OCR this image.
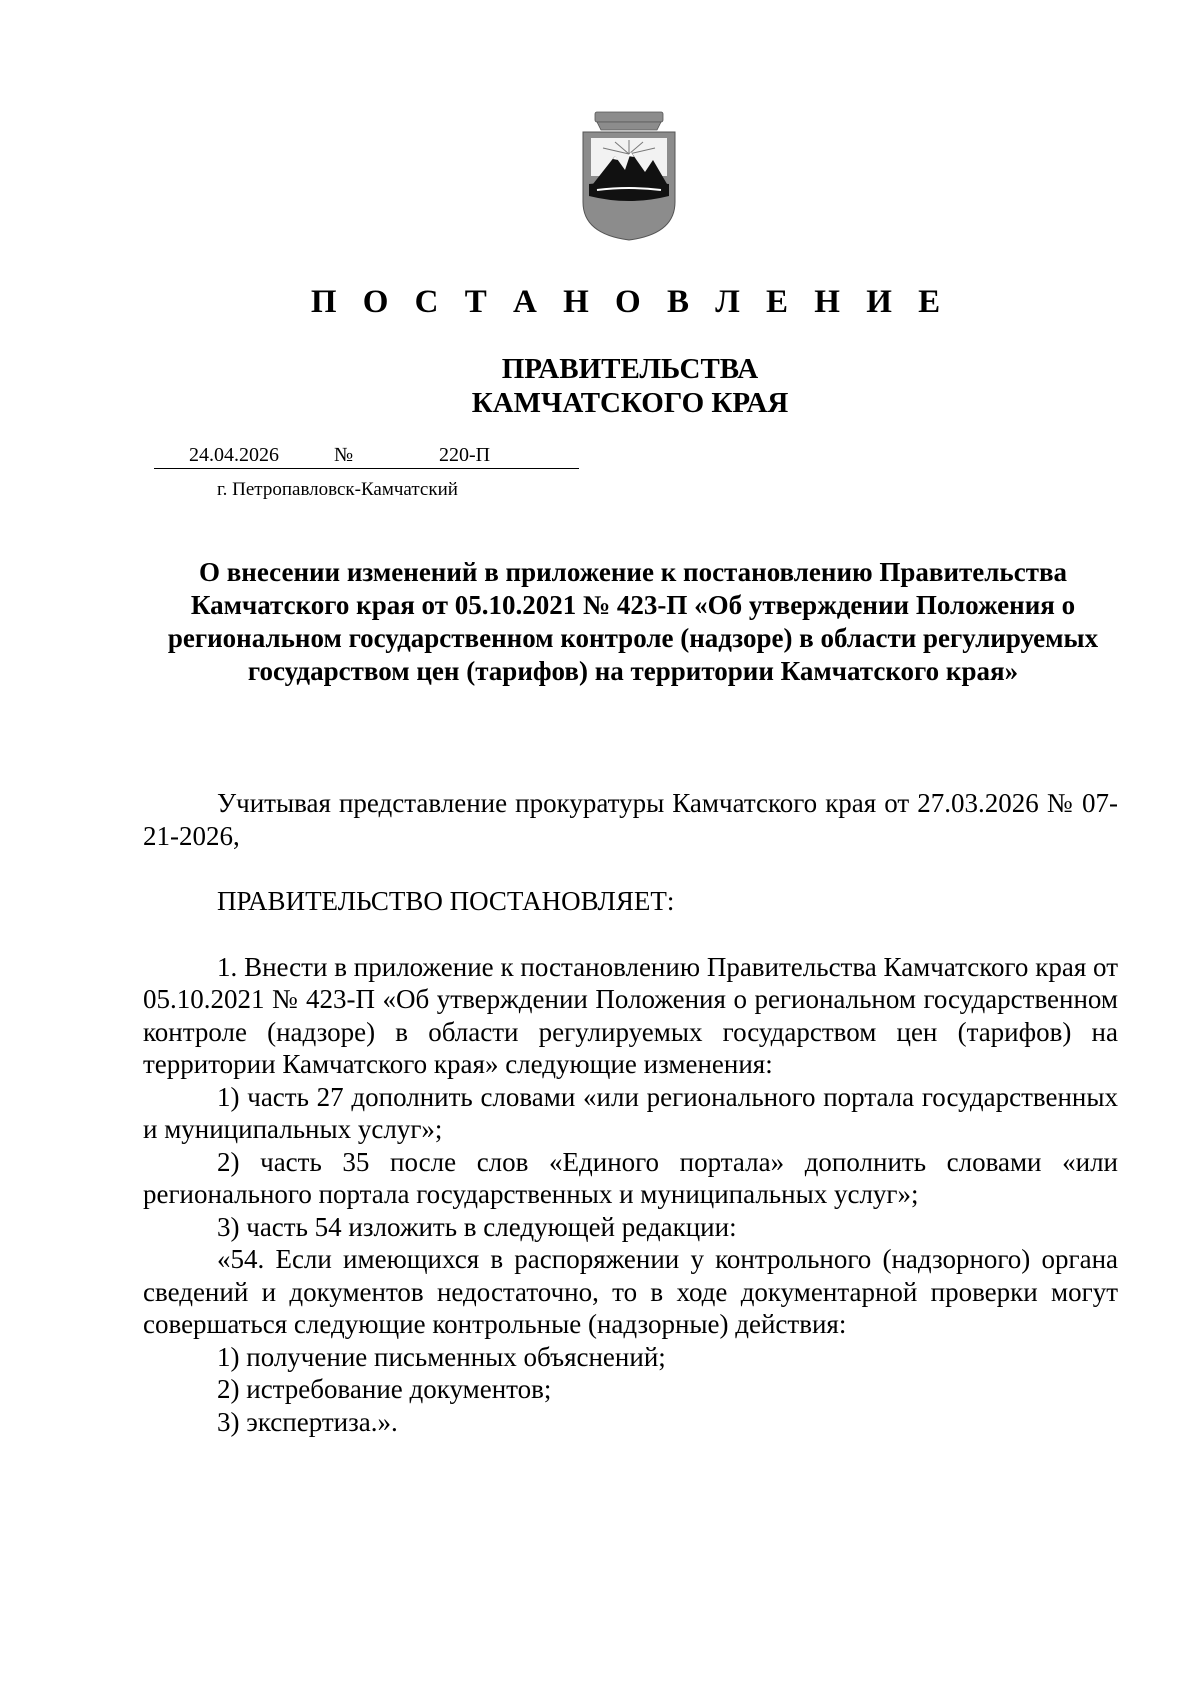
П О С Т А Н О В Л Е Н И Е
ПРАВИТЕЛЬСТВА
КАМЧАТСКОГО КРАЯ
24.04.2026	№	220-П
г. Петропавловск-Камчатский
О внесении изменений в приложение к постановлению Правительства Камчатского края от 05.10.2021 № 423-П «Об утверждении Положения о региональном государственном контроле (надзоре) в области регулируемых государством цен (тарифов) на территории Камчатского края»

Учитывая представление прокуратуры Камчатского края от 27.03.2026 № 07-21-2026,

ПРАВИТЕЛЬСТВО ПОСТАНОВЛЯЕТ:

1. Внести в приложение к постановлению Правительства Камчатского края от 05.10.2021 № 423-П «Об утверждении Положения о региональном государственном контроле (надзоре) в области регулируемых государством цен (тарифов) на территории Камчатского края» следующие изменения:

1) часть 27 дополнить словами «или регионального портала государственных и муниципальных услуг»;

2) часть 35 после слов «Единого портала» дополнить словами «или регионального портала государственных и муниципальных услуг»;

3) часть 54 изложить в следующей редакции:

«54. Если имеющихся в распоряжении у контрольного (надзорного) органа сведений и документов недостаточно, то в ходе документарной проверки могут совершаться следующие контрольные (надзорные) действия:

1) получение письменных объяснений;

2) истребование документов;

3) экспертиза.».
